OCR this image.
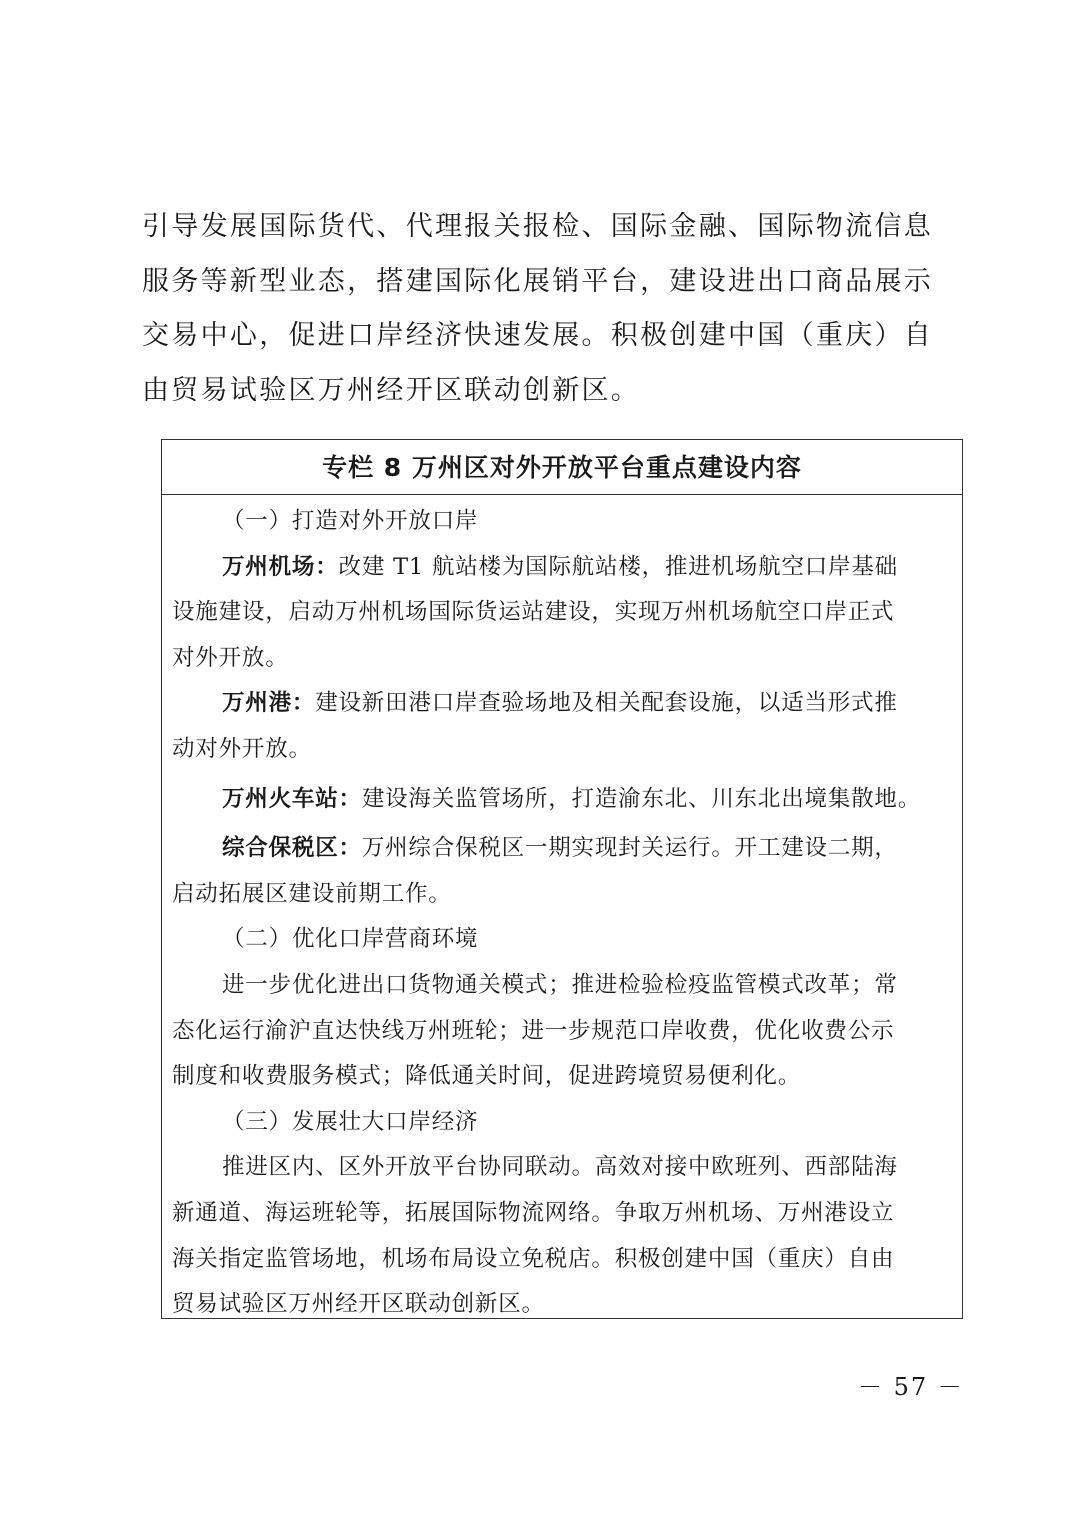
引导发展国际货代、代理报关报检、国际金融、国际物流信息
服务等新型业态，搭建国际化展销平台，建设进出口商品展示
交易中心，促进口岸经济快速发展。积极创建中国（重庆）自
由贸易试验区万州经开区联动创新区。
专栏 8 万州区对外开放平台重点建设内容
（一）打造对外开放口岸
万州机场：改建 T1 航站楼为国际航站楼，推进机场航空口岸基础
设施建设，启动万州机场国际货运站建设，实现万州机场航空口岸正式
对外开放。
万州港：建设新田港口岸查验场地及相关配套设施，以适当形式推
动对外开放。
万州火车站：建设海关监管场所，打造渝东北、川东北出境集散地。
综合保税区：万州综合保税区一期实现封关运行。开工建设二期，
启动拓展区建设前期工作。
（二）优化口岸营商环境
进一步优化进出口货物通关模式；推进检验检疫监管模式改革；常
态化运行渝沪直达快线万州班轮；进一步规范口岸收费，优化收费公示
制度和收费服务模式；降低通关时间，促进跨境贸易便利化。
（三）发展壮大口岸经济
推进区内、区外开放平台协同联动。高效对接中欧班列、西部陆海
新通道、海运班轮等，拓展国际物流网络。争取万州机场、万州港设立
海关指定监管场地，机场布局设立免税店。积极创建中国（重庆）自由
贸易试验区万州经开区联动创新区。
－ 57 －
